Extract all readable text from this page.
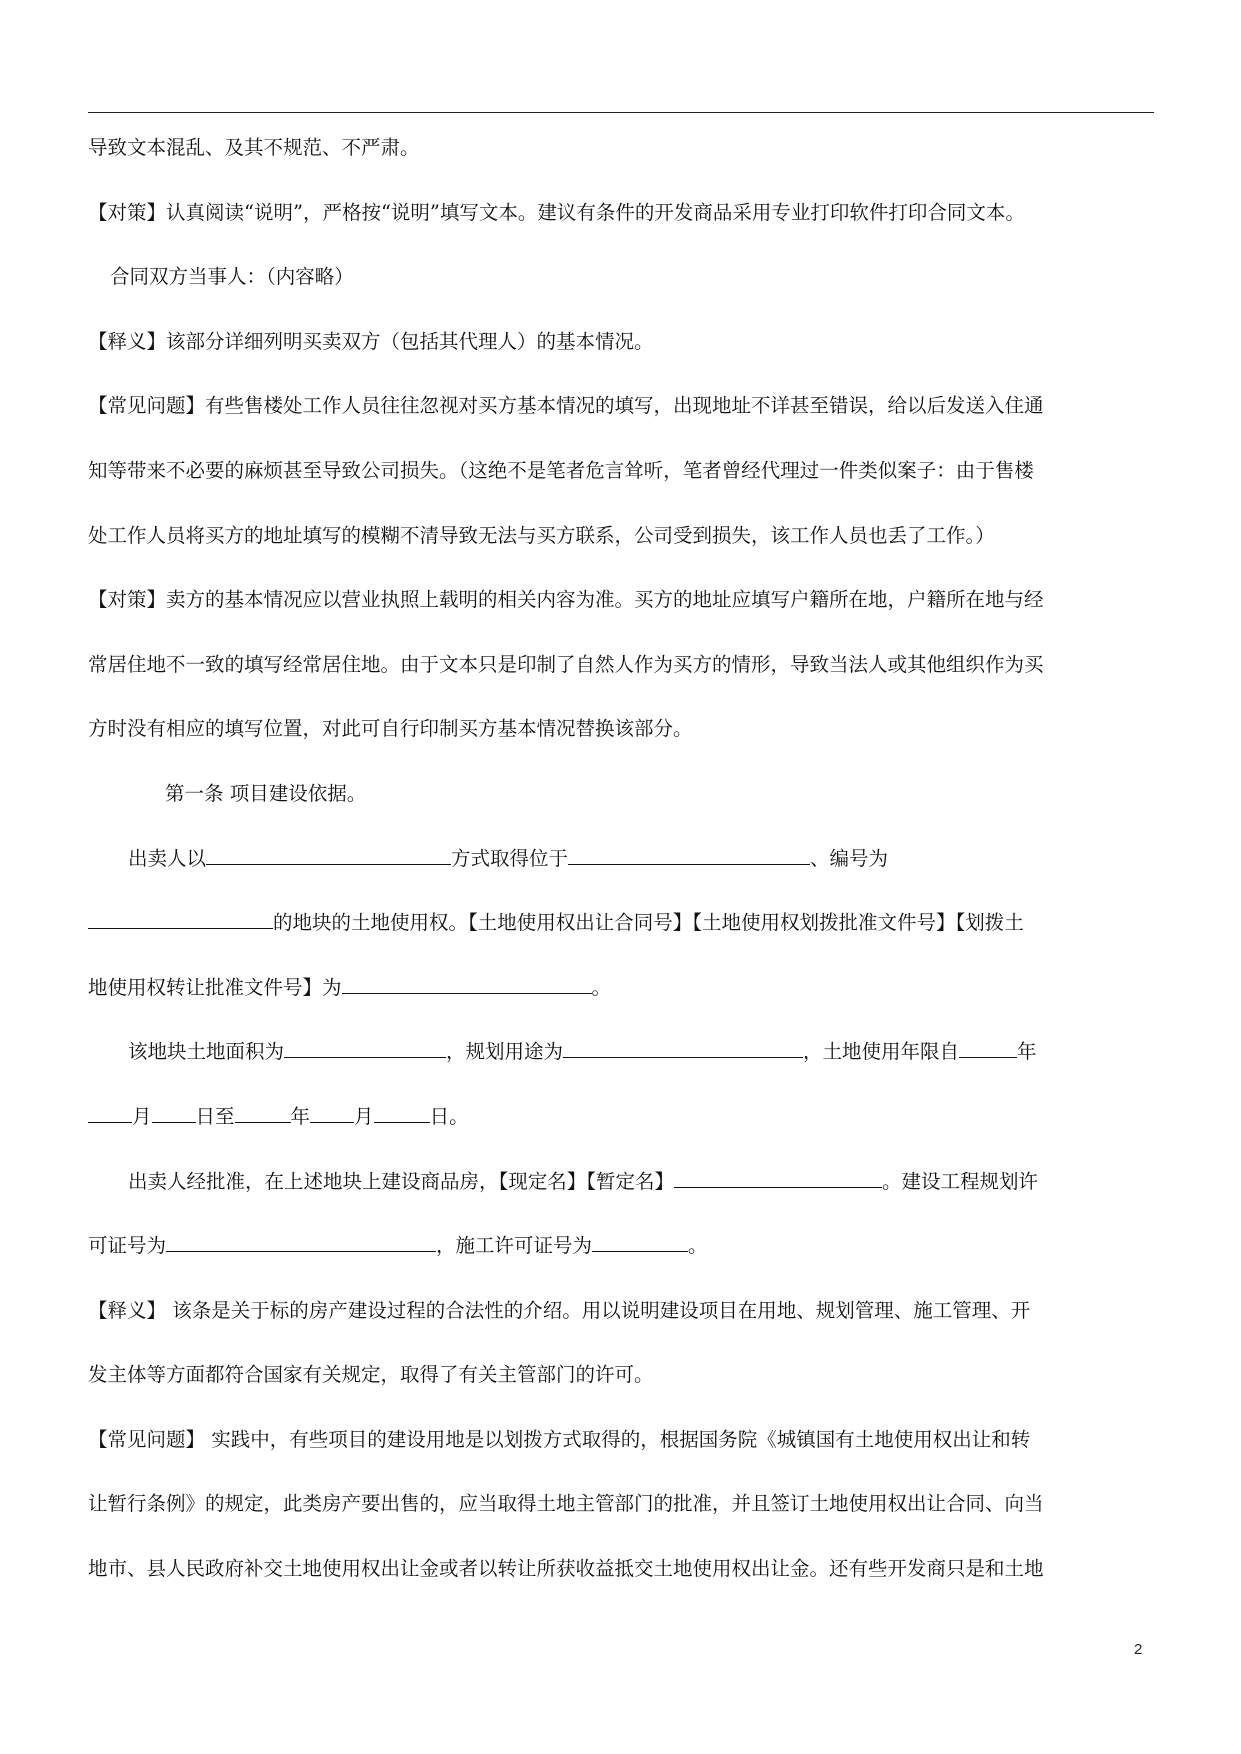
导致文本混乱、及其不规范、不严肃。
【对策】认真阅读“说明”，严格按“说明”填写文本。建议有条件的开发商品采用专业打印软件打印合同文本。
合同双方当事人：（内容略）
【释义】该部分详细列明买卖双方（包括其代理人）的基本情况。
【常见问题】有些售楼处工作人员往往忽视对买方基本情况的填写，出现地址不详甚至错误，给以后发送入住通
知等带来不必要的麻烦甚至导致公司损失。（这绝不是笔者危言耸听，笔者曾经代理过一件类似案子：由于售楼
处工作人员将买方的地址填写的模糊不清导致无法与买方联系，公司受到损失，该工作人员也丢了工作。）
【对策】卖方的基本情况应以营业执照上载明的相关内容为准。买方的地址应填写户籍所在地，户籍所在地与经
常居住地不一致的填写经常居住地。由于文本只是印制了自然人作为买方的情形，导致当法人或其他组织作为买
方时没有相应的填写位置，对此可自行印制买方基本情况替换该部分。
第一条 项目建设依据。
出卖人以	方式取得位于	、编号为
的地块的土地使用权。【土地使用权出让合同号】【土地使用权划拨批准文件号】【划拨土
地使用权转让批准文件号】为	。
该地块土地面积为	，规划用途为	，土地使用年限自	年
月 日至	年 月	日。
出卖人经批准，在上述地块上建设商品房，【现定名】【暂定名】	。建设工程规划许
可证号为	，施工许可证号为	。
【释义】 该条是关于标的房产建设过程的合法性的介绍。用以说明建设项目在用地、规划管理、施工管理、开
发主体等方面都符合国家有关规定，取得了有关主管部门的许可。
【常见问题】 实践中，有些项目的建设用地是以划拨方式取得的，根据国务院《城镇国有土地使用权出让和转
让暂行条例》的规定，此类房产要出售的，应当取得土地主管部门的批准，并且签订土地使用权出让合同、向当
地市、县人民政府补交土地使用权出让金或者以转让所获收益抵交土地使用权出让金。还有些开发商只是和土地
2
